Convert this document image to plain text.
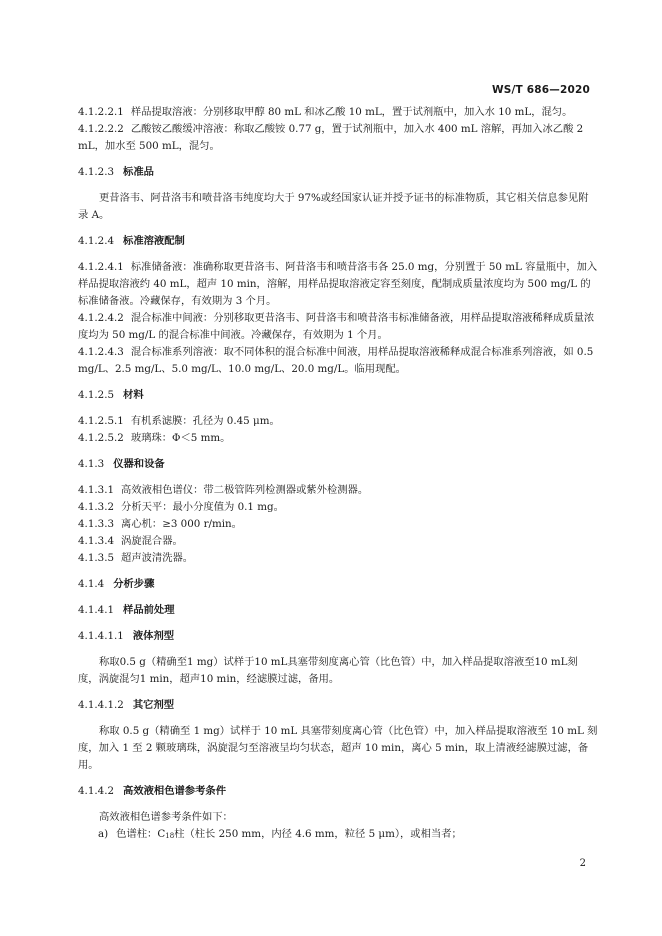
WS/T 686—2020

4.1.2.2.1 样品提取溶液：分别移取甲醇 80 mL 和冰乙酸 10 mL，置于试剂瓶中，加入水 10 mL，混匀。

4.1.2.2.2 乙酸铵乙酸缓冲溶液：称取乙酸铵 0.77 g，置于试剂瓶中，加入水 400 mL 溶解，再加入冰乙酸 2 mL，加水至 500 mL，混匀。

4.1.2.3 标准品

更昔洛韦、阿昔洛韦和喷昔洛韦纯度均大于 97%或经国家认证并授予证书的标准物质，其它相关信息参见附录 A。

4.1.2.4 标准溶液配制

4.1.2.4.1 标准储备液：准确称取更昔洛韦、阿昔洛韦和喷昔洛韦各 25.0 mg，分别置于 50 mL 容量瓶中，加入样品提取溶液约 40 mL，超声 10 min，溶解，用样品提取溶液定容至刻度，配制成质量浓度均为 500 mg/L 的标准储备液。冷藏保存，有效期为 3 个月。

4.1.2.4.2 混合标准中间液：分别移取更昔洛韦、阿昔洛韦和喷昔洛韦标准储备液，用样品提取溶液稀释成质量浓度均为 50 mg/L 的混合标准中间液。冷藏保存，有效期为 1 个月。

4.1.2.4.3 混合标准系列溶液：取不同体积的混合标准中间液，用样品提取溶液稀释成混合标准系列溶液，如 0.5 mg/L、2.5 mg/L、5.0 mg/L、10.0 mg/L、20.0 mg/L。临用现配。

4.1.2.5 材料

4.1.2.5.1 有机系滤膜：孔径为 0.45 μm。

4.1.2.5.2 玻璃珠：Φ＜5 mm。

4.1.3 仪器和设备

4.1.3.1 高效液相色谱仪：带二极管阵列检测器或紫外检测器。

4.1.3.2 分析天平：最小分度值为 0.1 mg。

4.1.3.3 离心机：≥3 000 r/min。

4.1.3.4 涡旋混合器。

4.1.3.5 超声波清洗器。

4.1.4 分析步骤

4.1.4.1 样品前处理

4.1.4.1.1 液体剂型

称取0.5 g（精确至1 mg）试样于10 mL具塞带刻度离心管（比色管）中，加入样品提取溶液至10 mL刻度，涡旋混匀1 min，超声10 min，经滤膜过滤，备用。

4.1.4.1.2 其它剂型

称取 0.5 g（精确至 1 mg）试样于 10 mL 具塞带刻度离心管（比色管）中，加入样品提取溶液至 10 mL 刻度，加入 1 至 2 颗玻璃珠，涡旋混匀至溶液呈均匀状态，超声 10 min，离心 5 min，取上清液经滤膜过滤，备用。

4.1.4.2 高效液相色谱参考条件

高效液相色谱参考条件如下：

a) 色谱柱：$C_{18}$柱（柱长 250 mm，内径 4.6 mm，粒径 5 μm），或相当者；

2
